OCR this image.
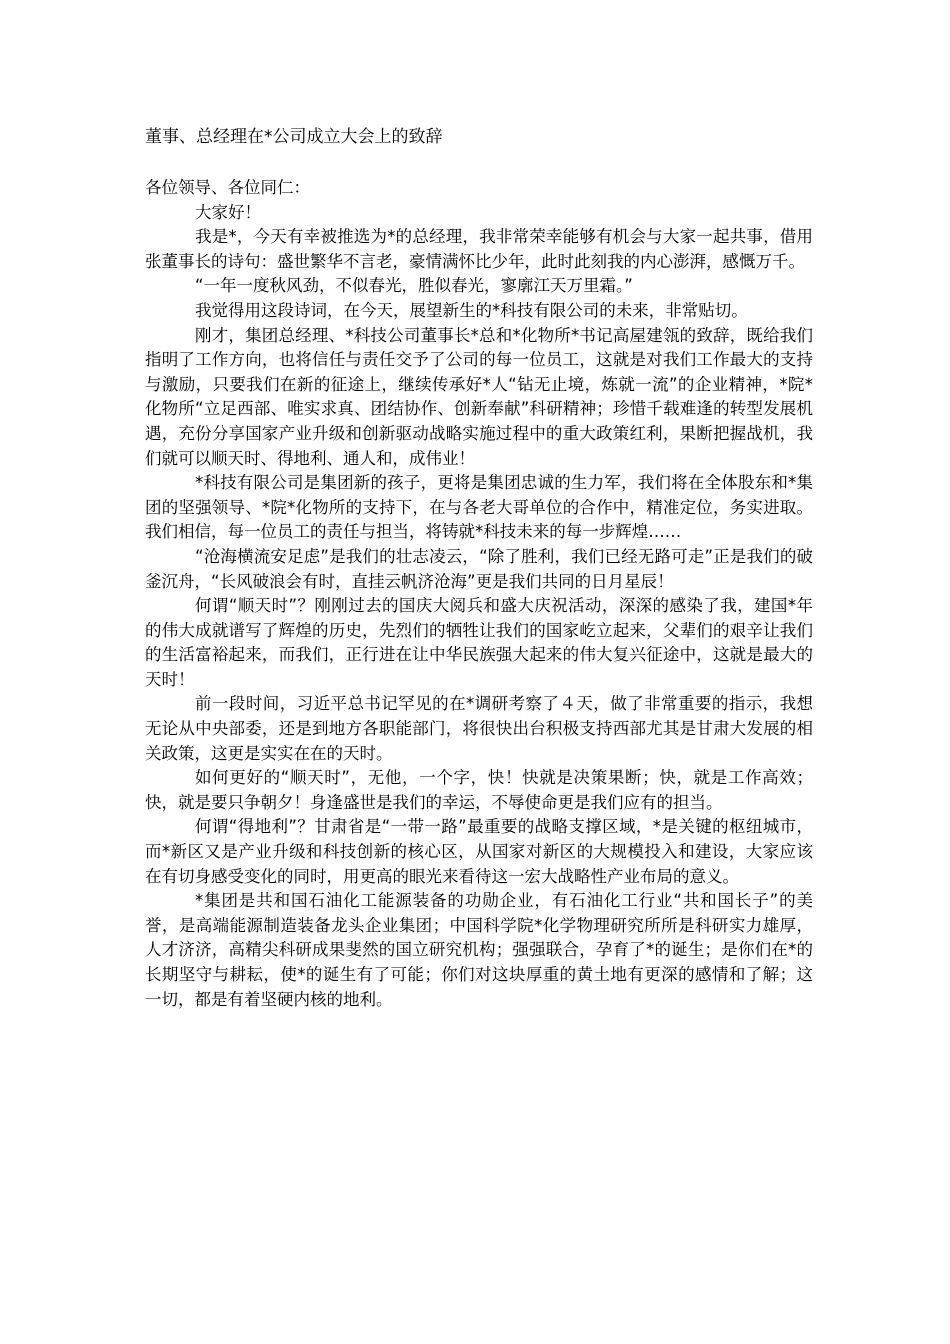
董事、总经理在*公司成立大会上的致辞

各位领导、各位同仁：

大家好！

我是*，今天有幸被推选为*的总经理，我非常荣幸能够有机会与大家一起共事，借用张董事长的诗句：盛世繁华不言老，豪情满怀比少年，此时此刻我的内心澎湃，感慨万千。

“一年一度秋风劲，不似春光，胜似春光，寥廓江天万里霜。”

我觉得用这段诗词，在今天，展望新生的*科技有限公司的未来，非常贴切。

刚才，集团总经理、*科技公司董事长*总和*化物所*书记高屋建瓴的致辞，既给我们指明了工作方向，也将信任与责任交予了公司的每一位员工，这就是对我们工作最大的支持与激励，只要我们在新的征途上，继续传承好*人“钻无止境，炼就一流”的企业精神，*院*化物所“立足西部、唯实求真、团结协作、创新奉献”科研精神；珍惜千载难逢的转型发展机遇，充份分享国家产业升级和创新驱动战略实施过程中的重大政策红利，果断把握战机，我们就可以顺天时、得地利、通人和，成伟业！

*科技有限公司是集团新的孩子，更将是集团忠诚的生力军，我们将在全体股东和*集团的坚强领导、*院*化物所的支持下，在与各老大哥单位的合作中，精准定位，务实进取。我们相信，每一位员工的责任与担当，将铸就*科技未来的每一步辉煌……

“沧海横流安足虑”是我们的壮志凌云，“除了胜利，我们已经无路可走”正是我们的破釜沉舟，“长风破浪会有时，直挂云帆济沧海”更是我们共同的日月星辰！

何谓“顺天时”？刚刚过去的国庆大阅兵和盛大庆祝活动，深深的感染了我，建国*年的伟大成就谱写了辉煌的历史，先烈们的牺牲让我们的国家屹立起来，父辈们的艰辛让我们的生活富裕起来，而我们，正行进在让中华民族强大起来的伟大复兴征途中，这就是最大的天时！

前一段时间，习近平总书记罕见的在*调研考察了４天，做了非常重要的指示，我想无论从中央部委，还是到地方各职能部门，将很快出台积极支持西部尤其是甘肃大发展的相关政策，这更是实实在在的天时。

如何更好的“顺天时”，无他，一个字，快！快就是决策果断；快，就是工作高效；快，就是要只争朝夕！身逢盛世是我们的幸运，不辱使命更是我们应有的担当。

何谓“得地利”？甘肃省是“一带一路”最重要的战略支撑区域，*是关键的枢纽城市，而*新区又是产业升级和科技创新的核心区，从国家对新区的大规模投入和建设，大家应该在有切身感受变化的同时，用更高的眼光来看待这一宏大战略性产业布局的意义。

*集团是共和国石油化工能源装备的功勋企业，有石油化工行业“共和国长子”的美誉，是高端能源制造装备龙头企业集团；中国科学院*化学物理研究所所是科研实力雄厚，人才济济，高精尖科研成果斐然的国立研究机构；强强联合，孕育了*的诞生；是你们在*的长期坚守与耕耘，使*的诞生有了可能；你们对这块厚重的黄土地有更深的感情和了解；这一切，都是有着坚硬内核的地利。
